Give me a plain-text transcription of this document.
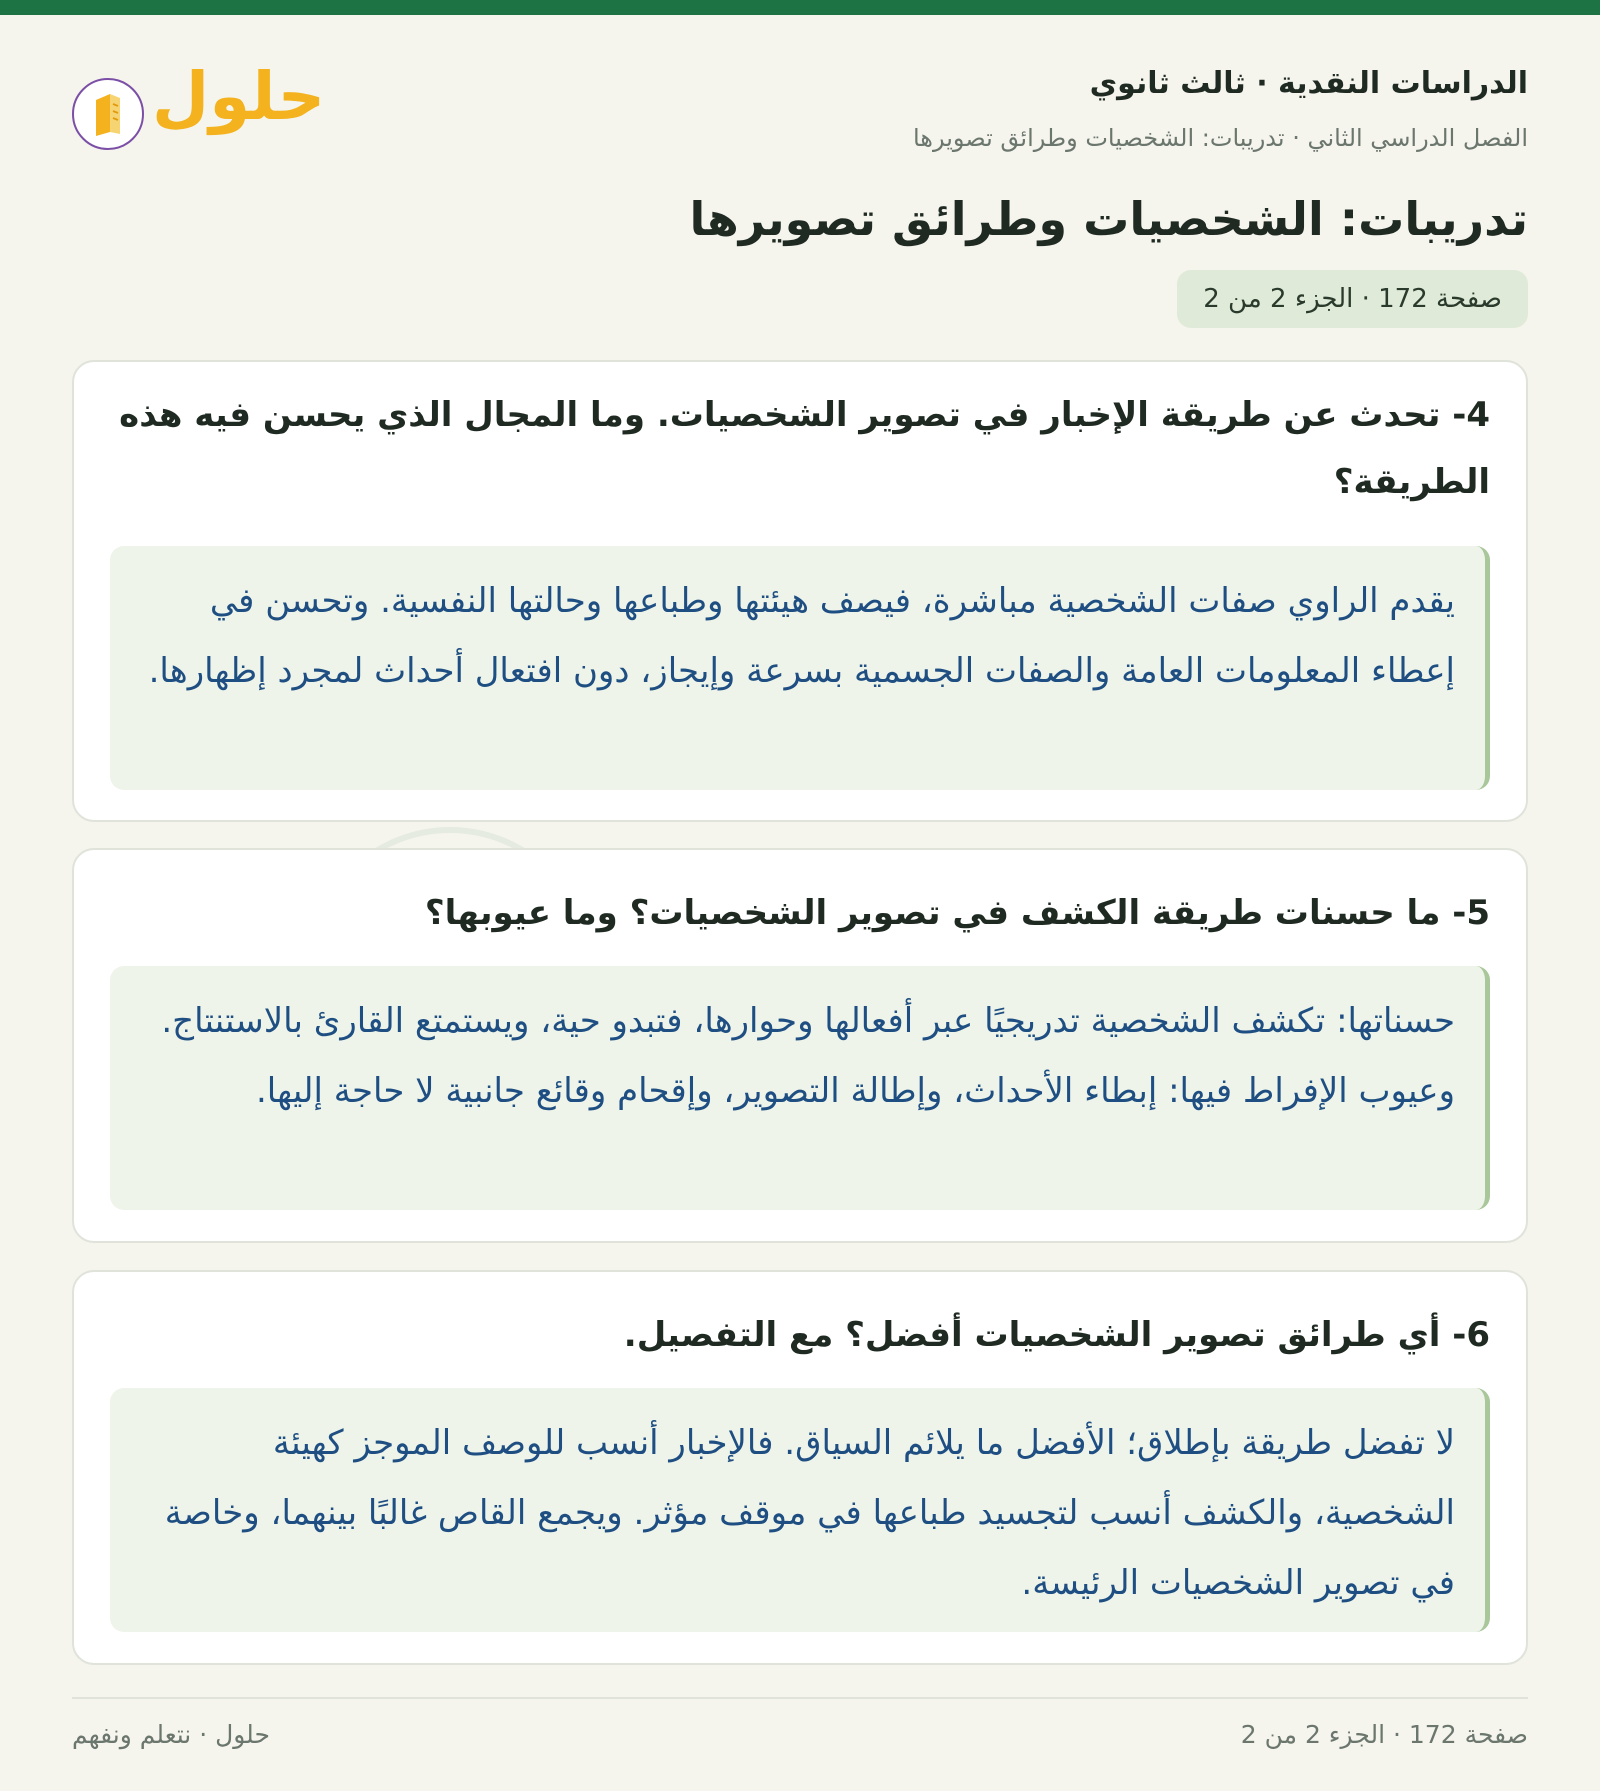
الدراسات النقدية · ثالث ثانوي
الفصل الدراسي الثاني · تدريبات: الشخصيات وطرائق تصويرها
حلول
تدريبات: الشخصيات وطرائق تصويرها
صفحة 172 · الجزء 2 من 2
4- تحدث عن طريقة الإخبار في تصوير الشخصيات. وما المجال الذي يحسن فيه هذه الطريقة؟
يقدم الراوي صفات الشخصية مباشرة، فيصف هيئتها وطباعها وحالتها النفسية. وتحسن في إعطاء المعلومات العامة والصفات الجسمية بسرعة وإيجاز، دون افتعال أحداث لمجرد إظهارها.
5- ما حسنات طريقة الكشف في تصوير الشخصيات؟ وما عيوبها؟
حسناتها: تكشف الشخصية تدريجيًا عبر أفعالها وحوارها، فتبدو حية، ويستمتع القارئ بالاستنتاج. وعيوب الإفراط فيها: إبطاء الأحداث، وإطالة التصوير، وإقحام وقائع جانبية لا حاجة إليها.
6- أي طرائق تصوير الشخصيات أفضل؟ مع التفصيل.
لا تفضل طريقة بإطلاق؛ الأفضل ما يلائم السياق. فالإخبار أنسب للوصف الموجز كهيئة الشخصية، والكشف أنسب لتجسيد طباعها في موقف مؤثر. ويجمع القاص غالبًا بينهما، وخاصة في تصوير الشخصيات الرئيسة.
صفحة 172 · الجزء 2 من 2
حلول · نتعلم ونفهم
